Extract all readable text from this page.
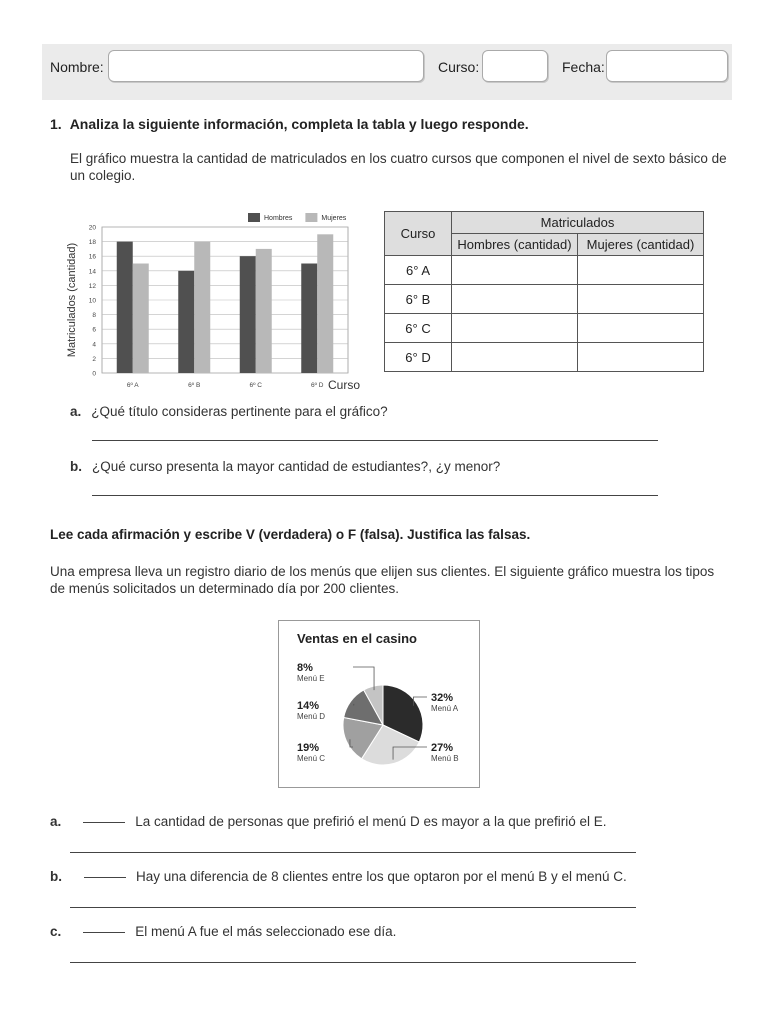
Nombre:	Curso:	Fecha:
1. Analiza la siguiente información, completa la tabla y luego responde.
El gráfico muestra la cantidad de matriculados en los cuatro cursos que componen el nivel de sexto básico de
un colegio.
0
2
4
6
8
10
12
14
16
18
20
6º A	6º B	6º C	6º D Curso
Matriculados (cantidad)
Hombres	Mujeres
Curso	Matriculados	
	Hombres (cantidad)	Mujeres (cantidad)
6° A		
6° B		
6° C		
6° D		
a. ¿Qué título consideras pertinente para el gráfico?
b. ¿Qué curso presenta la mayor cantidad de estudiantes?, ¿y menor?
Lee cada afirmación y escribe V (verdadera) o F (falsa). Justifica las falsas.
Una empresa lleva un registro diario de los menús que elijen sus clientes. El siguiente gráfico muestra los tipos
de menús solicitados un determinado día por 200 clientes.
Ventas en el casino
32%
Menú A
27%
Menú B
19%
Menú C
14%
Menú D
8%
Menú E
a.	La cantidad de personas que prefirió el menú D es mayor a la que prefirió el E.
b.	Hay una diferencia de 8 clientes entre los que optaron por el menú B y el menú C.
c.	El menú A fue el más seleccionado ese día.
